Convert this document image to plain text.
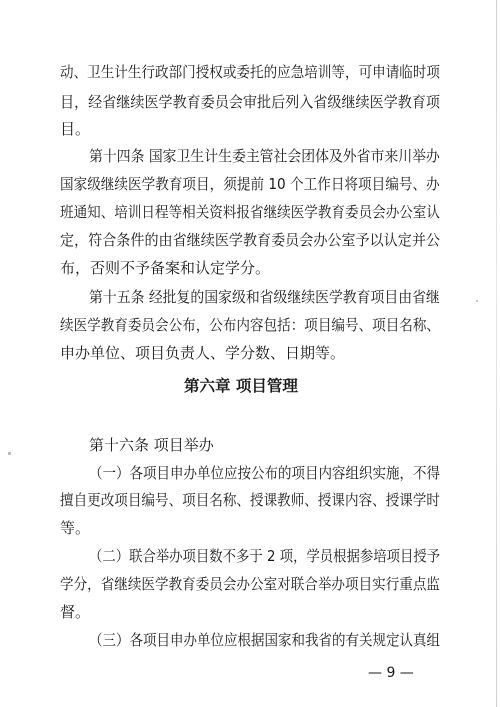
动、卫生计生行政部门授权或委托的应急培训等，可申请临时项
目，经省继续医学教育委员会审批后列入省级继续医学教育项
目。
第十四条 国家卫生计生委主管社会团体及外省市来川举办
国家级继续医学教育项目，须提前 10 个工作日将项目编号、办
班通知、培训日程等相关资料报省继续医学教育委员会办公室认
定，符合条件的由省继续医学教育委员会办公室予以认定并公
布，否则不予备案和认定学分。
第十五条 经批复的国家级和省级继续医学教育项目由省继
续医学教育委员会公布，公布内容包括：项目编号、项目名称、
申办单位、项目负责人、学分数、日期等。
第六章 项目管理
第十六条 项目举办
（一）各项目申办单位应按公布的项目内容组织实施，不得
擅自更改项目编号、项目名称、授课教师、授课内容、授课学时
等。
（二）联合举办项目数不多于 2 项，学员根据参培项目授予
学分，省继续医学教育委员会办公室对联合举办项目实行重点监
督。
（三）各项目申办单位应根据国家和我省的有关规定认真组
— 9 —
